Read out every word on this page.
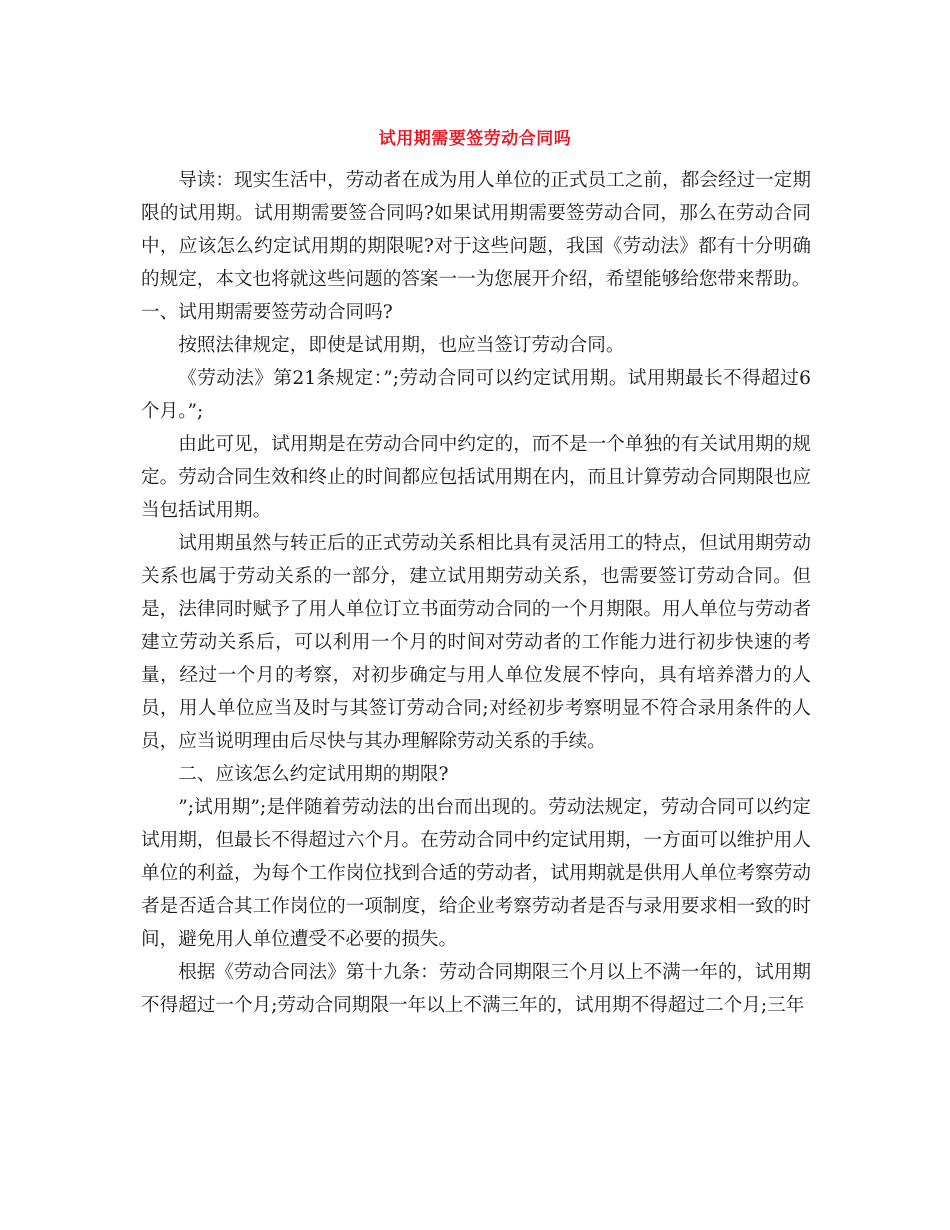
试用期需要签劳动合同吗

导读：现实生活中，劳动者在成为用人单位的正式员工之前，都会经过一定期限的试用期。试用期需要签合同吗?如果试用期需要签劳动合同，那么在劳动合同中，应该怎么约定试用期的期限呢?对于这些问题，我国《劳动法》都有十分明确的规定，本文也将就这些问题的答案一一为您展开介绍，希望能够给您带来帮助。

一、试用期需要签劳动合同吗?

按照法律规定，即使是试用期，也应当签订劳动合同。

《劳动法》第21条规定：”;劳动合同可以约定试用期。试用期最长不得超过6个月。”;

由此可见，试用期是在劳动合同中约定的，而不是一个单独的有关试用期的规定。劳动合同生效和终止的时间都应包括试用期在内，而且计算劳动合同期限也应当包括试用期。

试用期虽然与转正后的正式劳动关系相比具有灵活用工的特点，但试用期劳动关系也属于劳动关系的一部分，建立试用期劳动关系，也需要签订劳动合同。但是，法律同时赋予了用人单位订立书面劳动合同的一个月期限。用人单位与劳动者建立劳动关系后，可以利用一个月的时间对劳动者的工作能力进行初步快速的考量，经过一个月的考察，对初步确定与用人单位发展不悖向，具有培养潜力的人员，用人单位应当及时与其签订劳动合同;对经初步考察明显不符合录用条件的人员，应当说明理由后尽快与其办理解除劳动关系的手续。

二、应该怎么约定试用期的期限?

”;试用期”;是伴随着劳动法的出台而出现的。劳动法规定，劳动合同可以约定试用期，但最长不得超过六个月。在劳动合同中约定试用期，一方面可以维护用人单位的利益，为每个工作岗位找到合适的劳动者，试用期就是供用人单位考察劳动者是否适合其工作岗位的一项制度，给企业考察劳动者是否与录用要求相一致的时间，避免用人单位遭受不必要的损失。

根据《劳动合同法》第十九条：劳动合同期限三个月以上不满一年的，试用期不得超过一个月;劳动合同期限一年以上不满三年的，试用期不得超过二个月;三年
